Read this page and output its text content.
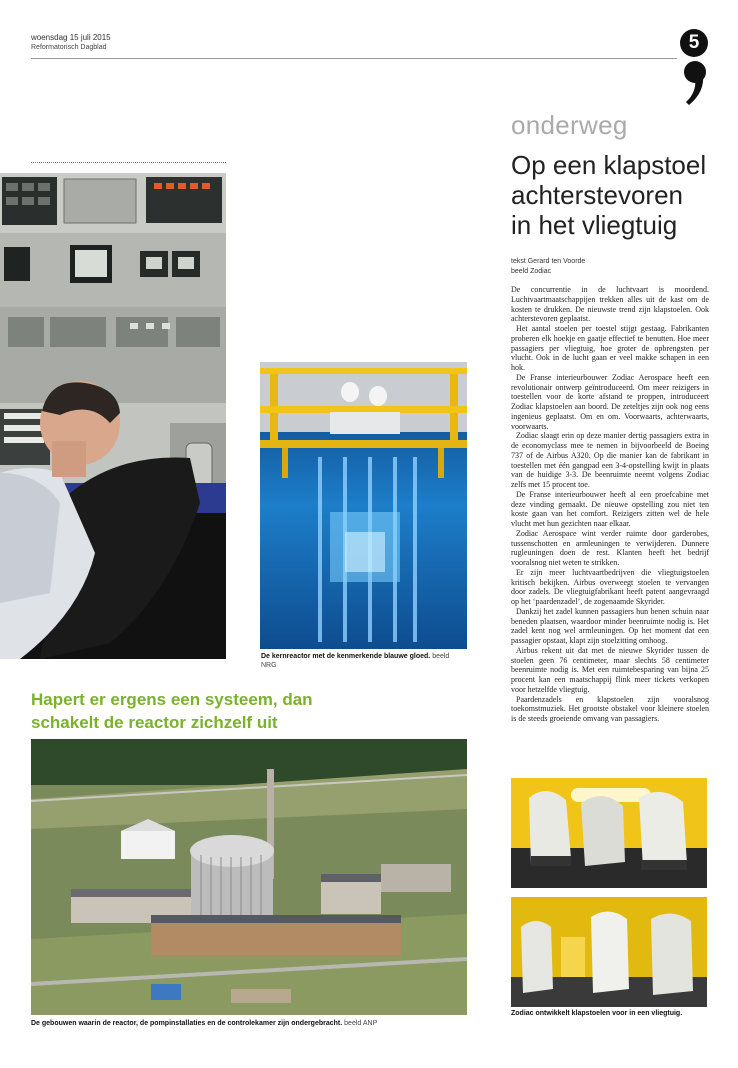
woensdag 15 juli 2015
Reformatorisch Dagblad	5
De kernreactor met de kenmerkende blauwe gloed. beeld NRG
Hapert er ergens een systeem, dan
schakelt de reactor zichzelf uit
De gebouwen waarin de reactor, de pompinstallaties en de controlekamer zijn ondergebracht. beeld ANP
onderweg
Op een klapstoel
achterstevoren
in het vliegtuig
tekst Gerard ten Voorde
beeld Zodiac

De concurrentie in de luchtvaart is moordend. Luchtvaartmaatschappijen trekken alles uit de kast om de kosten te drukken. De nieuwste trend zijn klapstoelen. Ook achterstevoren geplaatst.

Het aantal stoelen per toestel stijgt gestaag. Fabrikanten proberen elk hoekje en gaatje effectief te benutten. Hoe meer passagiers per vliegtuig, hoe groter de opbrengsten per vlucht. Ook in de lucht gaan er veel makke schapen in een hok.

De Franse interieurbouwer Zodiac Aerospace heeft een revolutionair ontwerp geïntroduceerd. Om meer reizigers in toestellen voor de korte afstand te proppen, introduceert Zodiac klapstoelen aan boord. De zeteltjes zijn ook nog eens ingenieus geplaatst. Om en om. Voorwaarts, achterwaarts, voorwaarts.

Zodiac slaagt erin op deze manier dertig passagiers extra in de economyclass mee te nemen in bijvoorbeeld de Boeing 737 of de Airbus A320. Op die manier kan de fabrikant in toestellen met één gangpad een 3-4-opstelling kwijt in plaats van de huidige 3-3. De beenruimte neemt volgens Zodiac zelfs met 15 procent toe.

De Franse interieurbouwer heeft al een proefcabine met deze vinding gemaakt. De nieuwe opstelling zou niet ten koste gaan van het comfort. Reizigers zitten wel de hele vlucht met hun gezichten naar elkaar.

Zodiac Aerospace wint verder ruimte door garderobes, tussenschotten en armleuningen te verwijderen. Dunnere rugleuningen doen de rest. Klanten heeft het bedrijf vooralsnog niet weten te strikken.

Er zijn meer luchtvaartbedrijven die vliegtuigstoelen kritisch bekijken. Airbus overweegt stoelen te vervangen door zadels. De vliegtuigfabrikant heeft patent aangevraagd op het ‘paardenzadel’, de zogenaamde Skyrider.

Dankzij het zadel kunnen passagiers hun benen schuin naar beneden plaatsen, waardoor minder beenruimte nodig is. Het zadel kent nog wel armleuningen. Op het moment dat een passagier opstaat, klapt zijn stoelzitting omhoog.

Airbus rekent uit dat met de nieuwe Skyrider tussen de stoelen geen 76 centimeter, maar slechts 58 centimeter beenruimte nodig is. Met een ruimtebesparing van bijna 25 procent kan een maatschappij flink meer tickets verkopen voor hetzelfde vliegtuig.

Paardenzadels en klapstoelen zijn vooralsnog toekomstmuziek. Het grootste obstakel voor kleinere stoelen is de steeds groeiende omvang van passagiers.

Zodiac ontwikkelt klapstoelen voor in een vliegtuig.
